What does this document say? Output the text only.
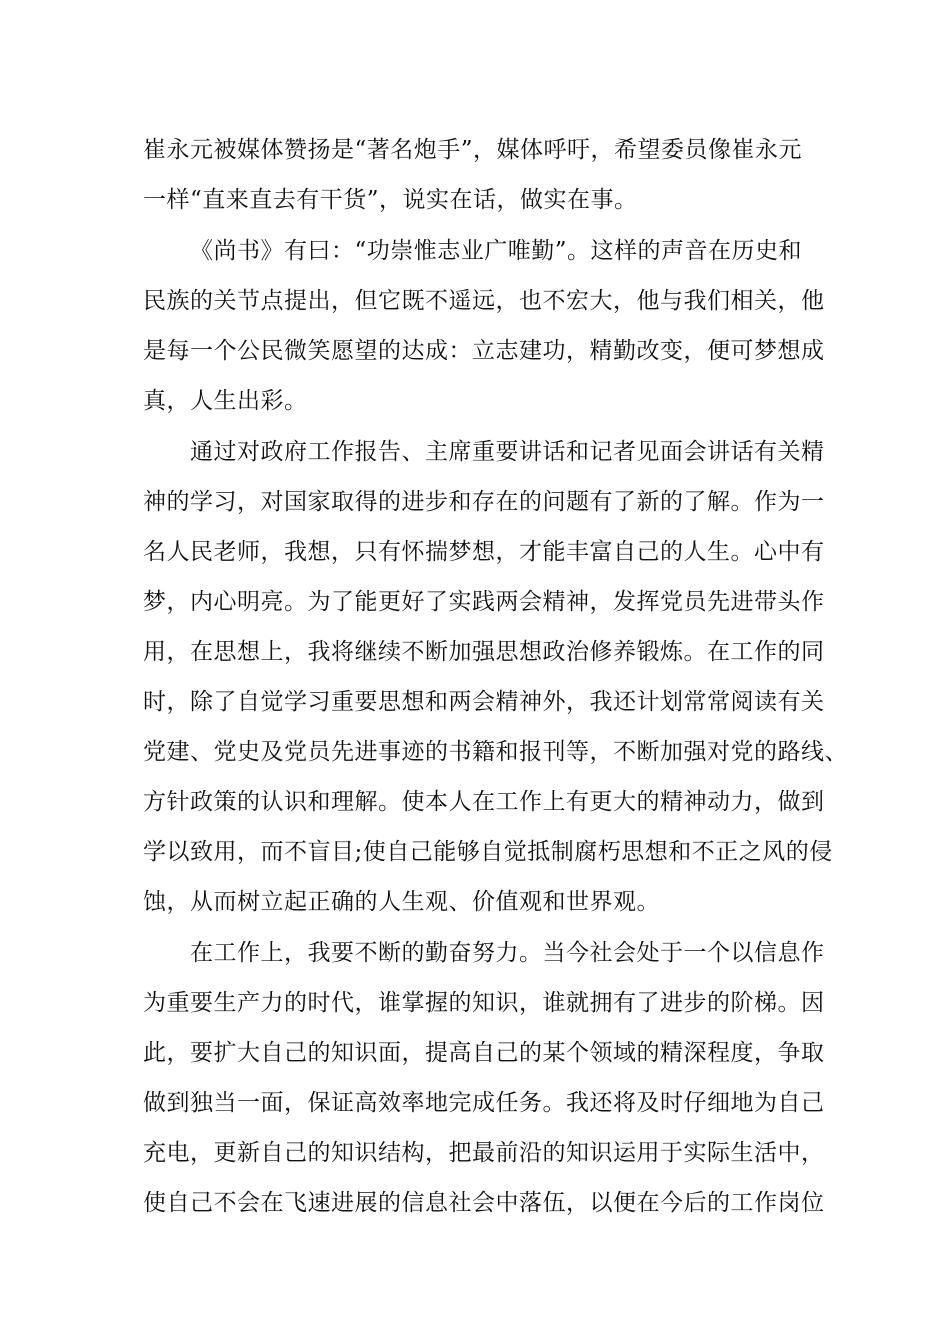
崔永元被媒体赞扬是“著名炮手”，媒体呼吁，希望委员像崔永元
一样“直来直去有干货”，说实在话，做实在事。
《尚书》有曰：“功崇惟志业广唯勤”。这样的声音在历史和
民族的关节点提出，但它既不遥远，也不宏大，他与我们相关，他
是每一个公民微笑愿望的达成：立志建功，精勤改变，便可梦想成
真，人生出彩。
通过对政府工作报告、主席重要讲话和记者见面会讲话有关精
神的学习，对国家取得的进步和存在的问题有了新的了解。作为一
名人民老师，我想，只有怀揣梦想，才能丰富自己的人生。心中有
梦，内心明亮。为了能更好了实践两会精神，发挥党员先进带头作
用，在思想上，我将继续不断加强思想政治修养锻炼。在工作的同
时，除了自觉学习重要思想和两会精神外，我还计划常常阅读有关
党建、党史及党员先进事迹的书籍和报刊等，不断加强对党的路线、
方针政策的认识和理解。使本人在工作上有更大的精神动力，做到
学以致用，而不盲目;使自己能够自觉抵制腐朽思想和不正之风的侵
蚀，从而树立起正确的人生观、价值观和世界观。
在工作上，我要不断的勤奋努力。当今社会处于一个以信息作
为重要生产力的时代，谁掌握的知识，谁就拥有了进步的阶梯。因
此，要扩大自己的知识面，提高自己的某个领域的精深程度，争取
做到独当一面，保证高效率地完成任务。我还将及时仔细地为自己
充电，更新自己的知识结构，把最前沿的知识运用于实际生活中，
使自己不会在飞速进展的信息社会中落伍，以便在今后的工作岗位
